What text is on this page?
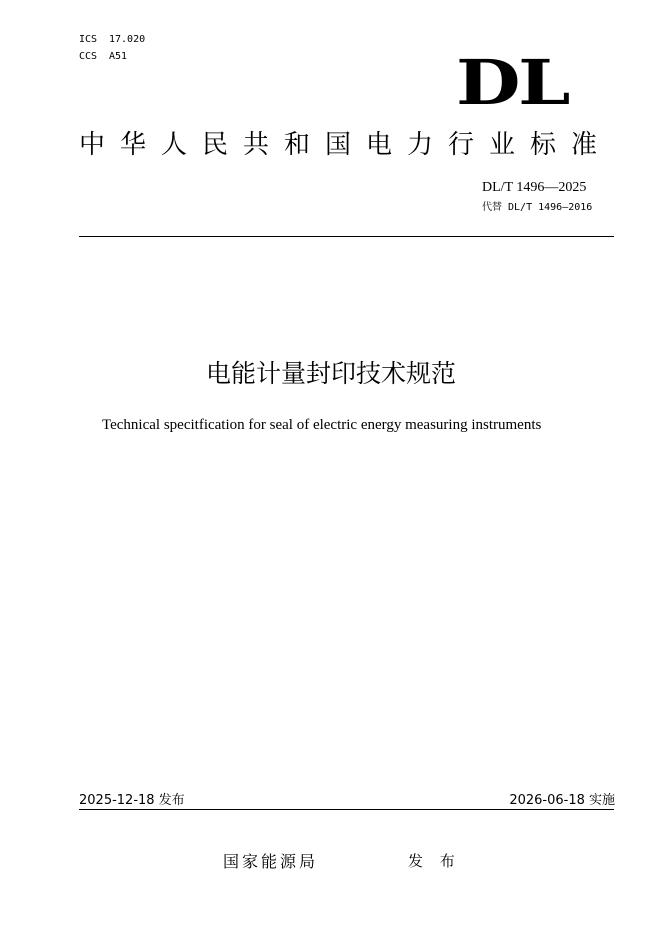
ICS 17.020
CCS A51	DL
中华人民共和国电力行业标准
DL/T 1496—2025
代替 DL/T 1496—2016
电能计量封印技术规范
Technical specitfication for seal of electric energy measuring instruments
2025-12-18 发布	2026-06-18 实施
国家能源局	发 布
